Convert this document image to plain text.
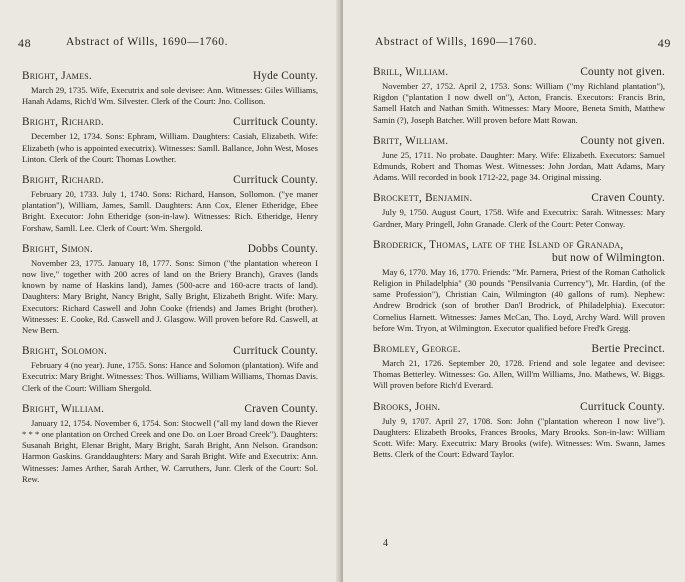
48	Abstract of Wills, 1690—1760.
Bright, James.	Hyde County.
March 29, 1735. Wife, Executrix and sole devisee: Ann. Witnesses: Giles Williams, Hanah Adams, Rich'd Wm. Silvester. Clerk of the Court: Jno. Collison.
Bright, Richard.	Currituck County.
December 12, 1734. Sons: Ephram, William. Daughters: Casiah, Elizabeth. Wife: Elizabeth (who is appointed executrix). Witnesses: Samll. Ballance, John West, Moses Linton. Clerk of the Court: Thomas Lowther.
Bright, Richard.	Currituck County.
February 20, 1733. July 1, 1740. Sons: Richard, Hanson, Sollomon. ("ye maner plantation"), William, James, Samll. Daughters: Ann Cox, Elener Etheridge, Ebee Bright. Executor: John Etheridge (son-in-law). Witnesses: Rich. Etheridge, Henry Forshaw, Samll. Lee. Clerk of Court: Wm. Shergold.
Bright, Simon.	Dobbs County.
November 23, 1775. January 18, 1777. Sons: Simon ("the plantation whereon I now live," together with 200 acres of land on the Briery Branch), Graves (lands known by name of Haskins land), James (500-acre and 160-acre tracts of land). Daughters: Mary Bright, Nancy Bright, Sally Bright, Elizabeth Bright. Wife: Mary. Executors: Richard Caswell and John Cooke (friends) and James Bright (brother). Witnesses: E. Cooke, Rd. Caswell and J. Glasgow. Will proven before Rd. Caswell, at New Bern.
Bright, Solomon.	Currituck County.
February 4 (no year). June, 1755. Sons: Hance and Solomon (plantation). Wife and Executrix: Mary Bright. Witnesses: Thos. Williams, William Williams, Thomas Davis. Clerk of the Court: William Shergold.
Bright, William.	Craven County.
January 12, 1754. November 6, 1754. Son: Stocwell ("all my land down the Riever * * * one plantation on Orched Creek and one Do. on Loer Broad Creek"). Daughters: Susanah Bright, Elenar Bright, Mary Bright, Sarah Bright, Ann Nelson. Grandson: Harmon Gaskins. Granddaughters: Mary and Sarah Bright. Wife and Executrix: Ann. Witnesses: James Arther, Sarah Arther, W. Carruthers, Junr. Clerk of the Court: Sol. Rew.
Abstract of Wills, 1690—1760.	49
Brill, William.	County not given.
November 27, 1752. April 2, 1753. Sons: William ("my Richland plantation"), Rigdon ("plantation I now dwell on"), Acton, Francis. Executors: Francis Brin, Samell Hatch and Nathan Smith. Witnesses: Mary Moore, Beneta Smith, Matthew Samin (?), Joseph Batcher. Will proven before Matt Rowan.
Britt, William.	County not given.
June 25, 1711. No probate. Daughter: Mary. Wife: Elizabeth. Executors: Samuel Edmunds, Robert and Thomas West. Witnesses: John Jordan, Matt Adams, Mary Adams. Will recorded in book 1712-22, page 34. Original missing.
Brockett, Benjamin.	Craven County.
July 9, 1750. August Court, 1758. Wife and Executrix: Sarah. Witnesses: Mary Gardner, Mary Pringell, John Granade. Clerk of the Court: Peter Conway.
Broderick, Thomas, late of the Island of Granada,
but now of Wilmington.
May 6, 1770. May 16, 1770. Friends: "Mr. Parnera, Priest of the Roman Catholick Religion in Philadelphia" (30 pounds "Pensilvania Currency"), Mr. Hardin, (of the same Profession"), Christian Cain, Wilmington (40 gallons of rum). Nephew: Andrew Brodrick (son of brother Dan'l Brodrick, of Philadelphia). Executor: Cornelius Harnett. Witnesses: James McCan, Tho. Loyd, Archy Ward. Will proven before Wm. Tryon, at Wilmington. Executor qualified before Fred'k Gregg.
Bromley, George.	Bertie Precinct.
March 21, 1726. September 20, 1728. Friend and sole legatee and devisee: Thomas Betterley. Witnesses: Go. Allen, Will'm Williams, Jno. Mathews, W. Biggs. Will proven before Rich'd Everard.
Brooks, John.	Currituck County.
July 9, 1707. April 27, 1708. Son: John ("plantation whereon I now live"). Daughters: Elizabeth Brooks, Frances Brooks, Mary Brooks. Son-in-law: William Scott. Wife: Mary. Executrix: Mary Brooks (wife). Witnesses: Wm. Swann, James Betts. Clerk of the Court: Edward Taylor.
4
